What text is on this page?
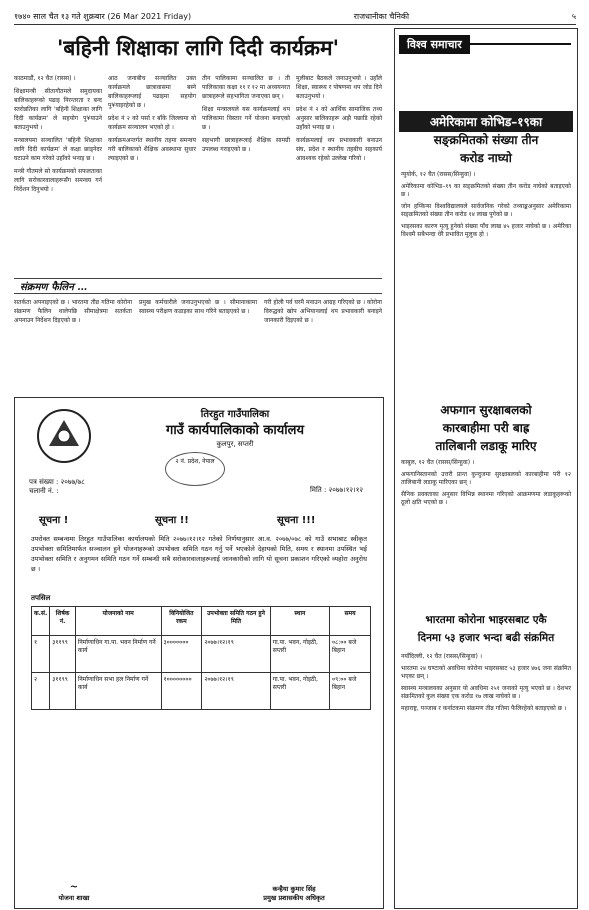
१७४० साल चैत १३ गते शुक्रबार (26 Mar 2021 Friday)	राजधानीका चैनिकी	५
'बहिनी शिक्षाका लागि दिदी कार्यक्रम'

काठमाडौं, १२ चैत (रासस) ।

शिक्षामन्त्री सीतागौतमले समुदायका बालिकाहरूको पढाइ निरन्तरता र बन्द स्तरोन्नतिका लागि 'बहिनी शिक्षाका लागि दिदी कार्यक्रम' ले सहयोग पु¥याउने बताउनुभयो ।

मन्त्रालयमा सञ्चालित 'बहिनी शिक्षाका लागि दिदी कार्यक्रम' ले कक्षा छाड्नेदर घटाउने काम गरेको उहाँको भनाइ छ ।

मन्त्री गौतमले सो कार्यक्रमको सफलताका लागि सरोकारवालाहरूसँग समन्वय गर्न निर्देशन दिनुभयो ।

आठ जनाबीच सञ्चालित उक्त कार्यक्रमले छात्रावासमा बस्ने बालिकाहरूलाई पढाइमा सहयोग पु¥याइरहेको छ ।

प्रदेश नं २ को पर्सा र बाँके जिल्लामा यो कार्यक्रम सञ्चालन भएको हो ।

कार्यक्रमअन्तर्गत स्थानीय तहमा समन्वय गरी बालिकाको शैक्षिक अवस्थामा सुधार ल्याइएको छ ।

तीन पालिकामा सञ्चालित छ । ती पालिकाका कक्षा ११ र १२ मा अध्ययनरत छात्राहरूले सहभागिता जनाएका छन् ।

शिक्षा मन्त्रालयले यस कार्यक्रमलाई थप पालिकामा विस्तार गर्ने योजना बनाएको छ ।

सहभागी छात्राहरूलाई शैक्षिक सामग्री उपलब्ध गराइएको छ ।

मुलीबाट बैठकले जनाउनुभयो । उहाँले शिक्षा, स्वास्थ्य र पोषणमा थप जोड दिने बताउनुभयो ।

प्रदेश नं २ को आर्थिक सामाजिक तथ्य अनुसार बालिकाहरू अझै पछाडि रहेको उहाँको भनाइ छ ।

कार्यक्रमलाई थप प्रभावकारी बनाउन संघ, प्रदेश र स्थानीय तहबीच सहकार्य आवश्यक रहेको उल्लेख गरियो ।

संक्रमण फैलिन …

सतर्कता अपनाइएको छ । भारतमा तीव्र गतिमा कोरोना संक्रमण फैलिन थालेपछि सीमाक्षेत्रमा सतर्कता अपनाउन निर्देशन दिइएको छ ।

प्रमुख कर्मचारीले जनाउनुभएको छ । सीमानाकामा स्वास्थ्य परीक्षण कडाइका साथ गरिने बताइएको छ ।

गरी होली पर्व घरमै मनाउन आग्रह गरिएको छ । कोरोना विरुद्धको खोप अभियानलाई थप प्रभावकारी बनाइने जानकारी दिइएको छ ।

तिरहुत गाउँपालिका
गाउँ कार्यपालिकाको कार्यालय
कुलपुर, सप्तरी
२ नं. प्रदेश, नेपाल
पत्र संख्या : २०७७/७८
चलानी नं. :	मिति : २०७७।१२।१२
सूचना !	सूचना !!	सूचना !!!
उपरोक्त सम्बन्धमा तिरहुत गाउँपालिका कार्यालयको मिति २०७७।१२।१२ गतेको निर्णयानुसार आ.व. २०७७/०७८ को गाउँ सभाबाट स्वीकृत उपभोक्ता समितिमार्फत सञ्चालन हुने योजनाहरूको उपभोक्ता समिति गठन गर्नु पर्ने भएकोले देहायको मिति, समय र स्थानमा उपस्थित भई उपभोक्ता समिति र अनुगमन समिति गठन गर्ने सम्बन्धी सबै सरोकारवालाहरूलाई जानकारीको लागि यो सूचना प्रकाशन गरिएको व्यहोरा अनुरोध छ ।
तपसिल
क.सं.	शिर्षक नं.	योजनाको नाम	विनियोजित रकम	उपभोक्ता समिति गठन हुने मिति	स्थान	समय
१	३११९९	निर्माणाधिन गा.पा. भवन निर्माण गर्ने कार्य	३०००००००	२०७७।१२।१९	गा.पा. भवन, गोइठी, सप्तरी	०८:०० बजे बिहान
२	३११९९	निर्माणाधिन सभा हल निर्माण गर्ने कार्य	१००००००००	२०७७।१२।१९	गा.पा. भवन, गोइठी, सप्तरी	०९:०० बजे बिहान
~
योजना शाखा
कन्हैया कुमार सिंह
प्रमुख प्रशासकीय अधिकृत
विश्व समाचार
अमेरिकामा कोभिड–१९का
सङ्क्रमितको संख्या तीन
करोड नाघ्यो

न्युयोर्क, १२ चैत (रासस/सिन्हुवा) ।

अमेरिकामा कोभिड–१९ का सङ्क्रमितको संख्या तीन करोड नाघेको बताइएको छ ।

जोन हप्किन्स विश्वविद्यालयले सार्वजनिक गरेको तथ्याङ्कअनुसार अमेरिकामा सङ्क्रमितको संख्या तीन करोड १४ लाख पुगेको छ ।

भाइरसका कारण मृत्यु हुनेको संख्या पाँच लाख ४५ हजार नाघेको छ । अमेरिका विश्वमै सबैभन्दा धेरै प्रभावित मुलुक हो ।

अफगान सुरक्षाबलको
कारबाहीमा परी बाह्र
तालिबानी लडाकू मारिए

काबुल, १२ चैत (रासस/सिन्हुवा) ।

अफगानिस्तानको उत्तरी प्रान्त कुन्दुजमा सुरक्षाबलको कारबाहीमा परी १२ तालिबानी लडाकू मारिएका छन् ।

सैनिक प्रवक्ताका अनुसार विभिन्न स्थानमा गरिएको आक्रमणमा लडाकूहरूको ठूलो क्षति भएको छ ।

भारतमा कोरोना भाइरसबाट एकै
दिनमा ५३ हजार भन्दा बढी संक्रमित

नयाँदिल्ली, १२ चैत (रासस/सिन्हुवा) ।

भारतमा २४ घण्टाको अवधिमा कोरोना भाइरसबाट ५३ हजार ४७६ जना संक्रमित भएका छन् ।

स्वास्थ्य मन्त्रालयका अनुसार यो अवधिमा २५१ जनाको मृत्यु भएको छ । देशभर संक्रमितको कुल संख्या एक करोड १७ लाख नाघेको छ ।

महाराष्ट्र, पञ्जाब र कर्नाटकमा संक्रमण तीव्र गतिमा फैलिरहेको बताइएको छ ।
